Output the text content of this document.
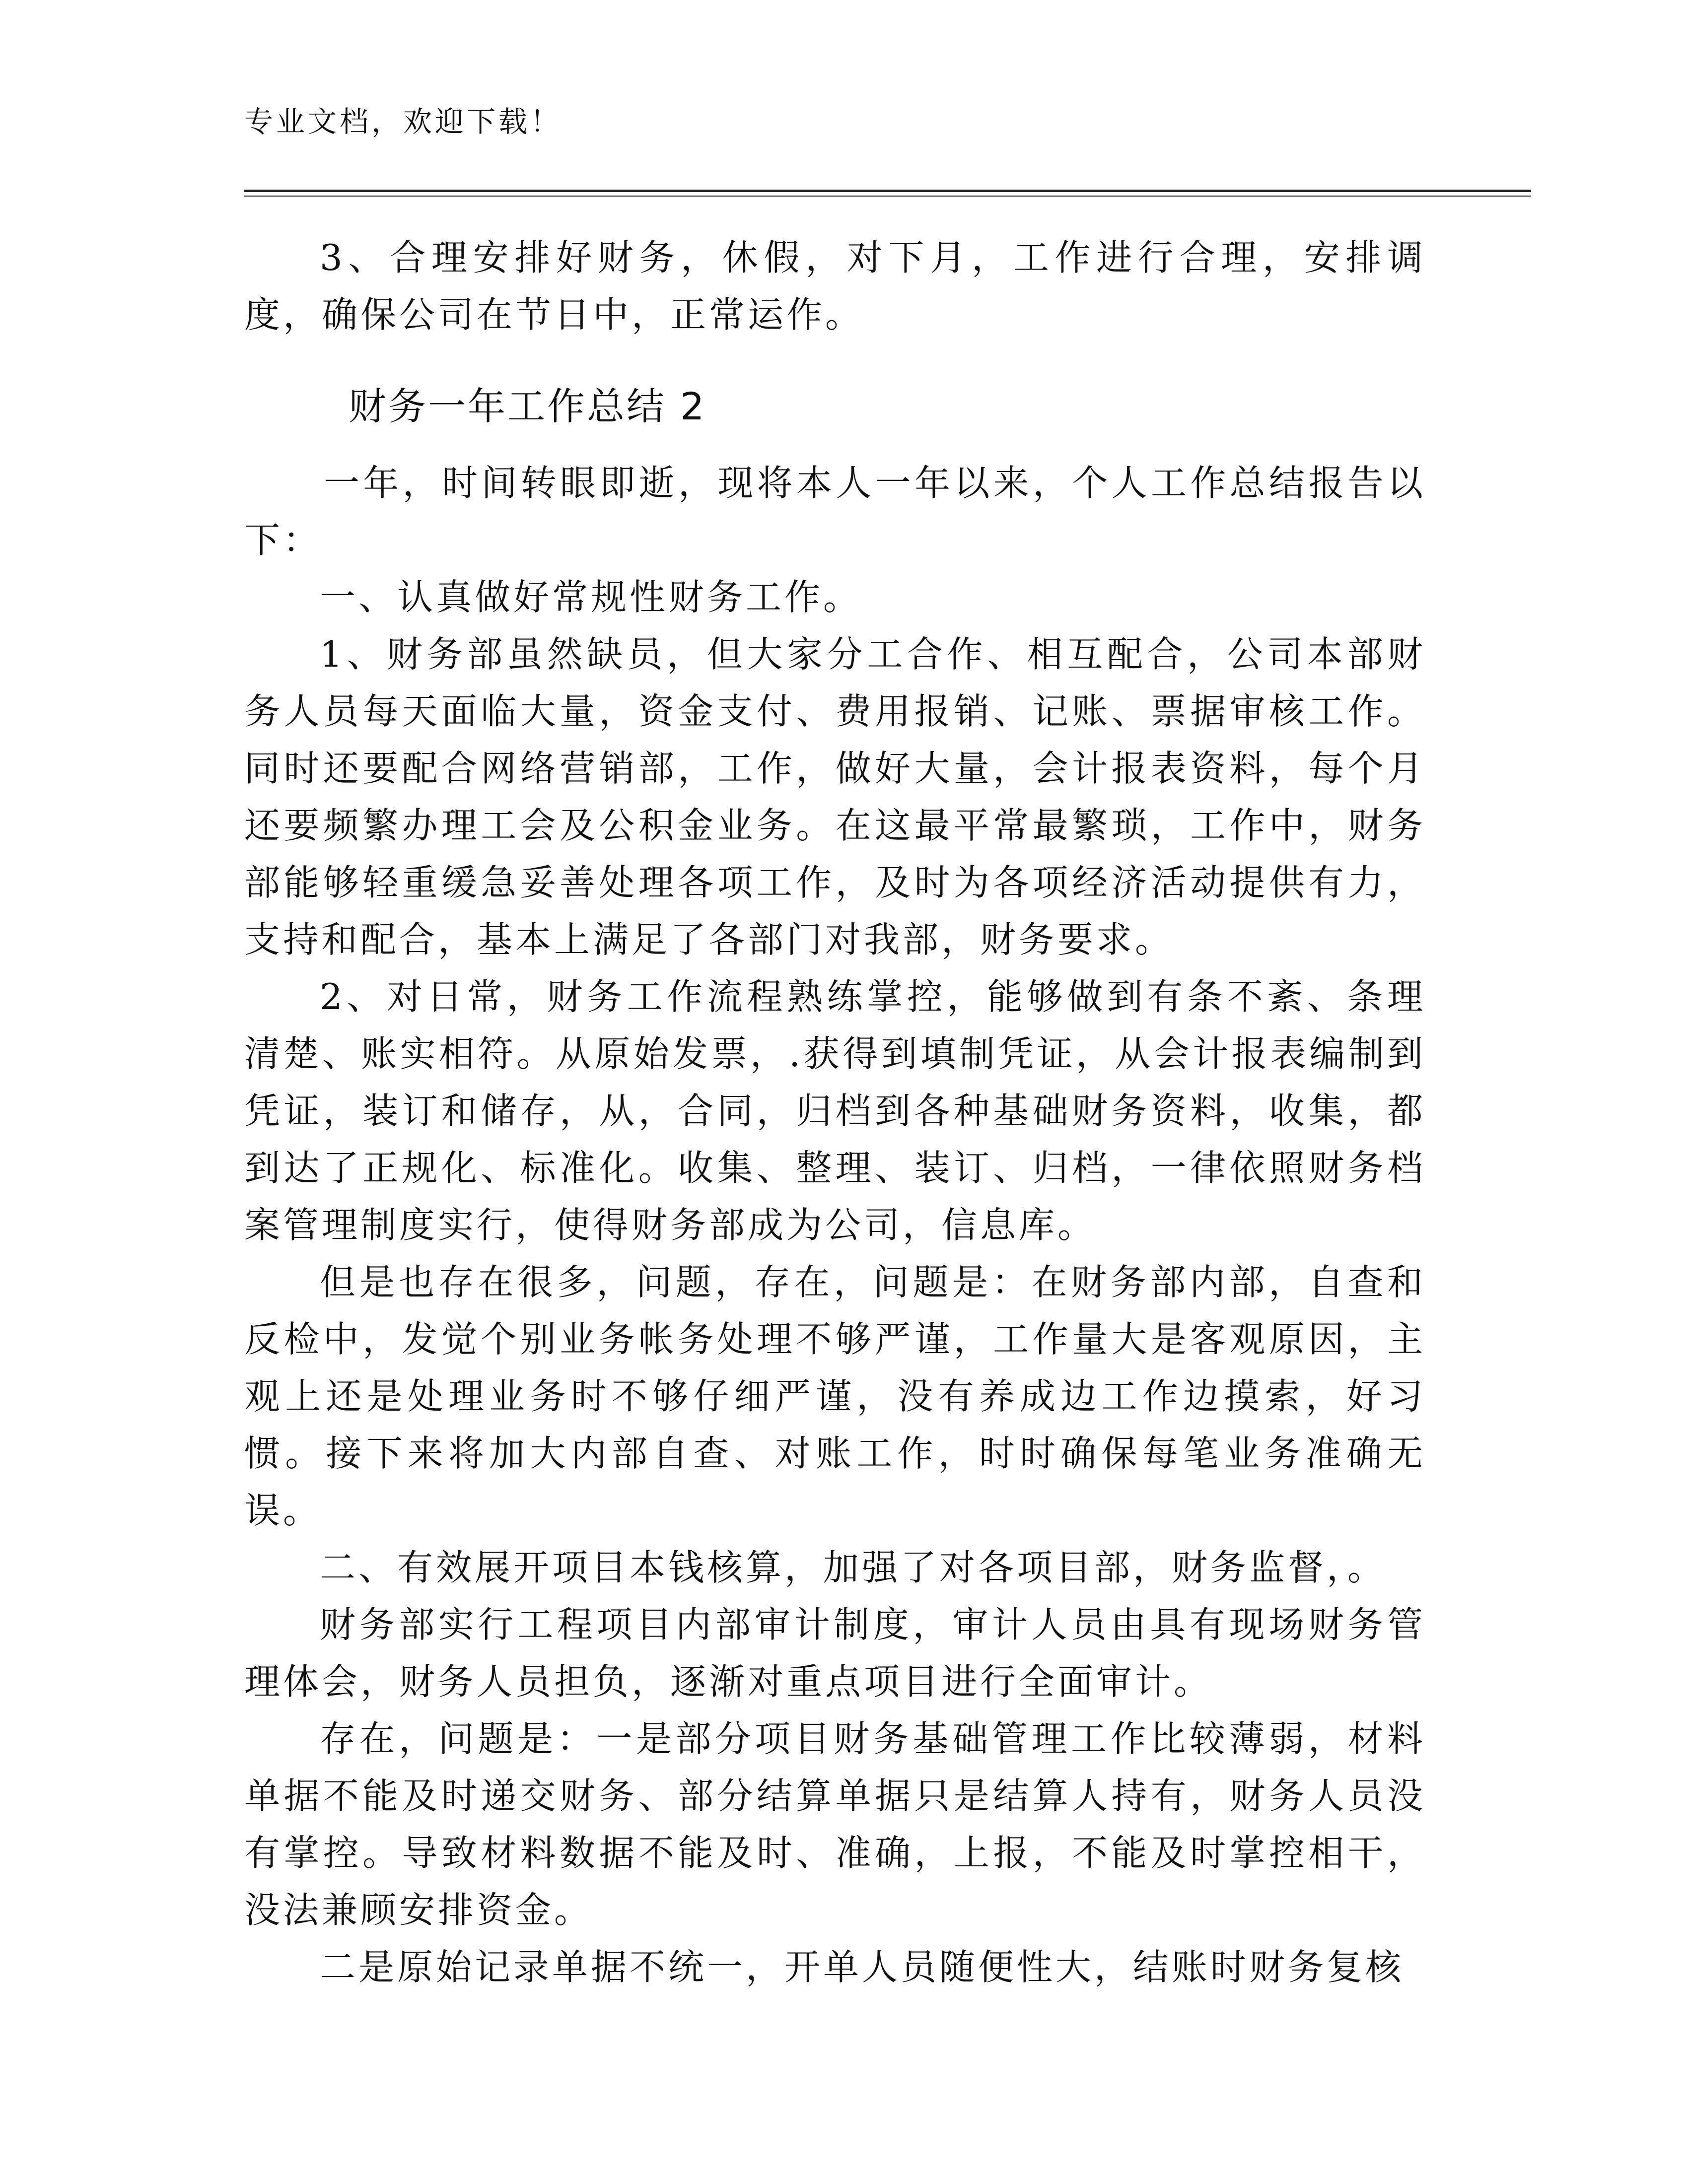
专业文档，欢迎下载！

3、合理安排好财务，休假，对下月，工作进行合理，安排调度，确保公司在节日中，正常运作。

财务一年工作总结 2

一年，时间转眼即逝，现将本人一年以来，个人工作总结报告以下：

一、认真做好常规性财务工作。

1、财务部虽然缺员，但大家分工合作、相互配合，公司本部财务人员每天面临大量，资金支付、费用报销、记账、票据审核工作。同时还要配合网络营销部，工作，做好大量，会计报表资料，每个月还要频繁办理工会及公积金业务。在这最平常最繁琐，工作中，财务部能够轻重缓急妥善处理各项工作，及时为各项经济活动提供有力，支持和配合，基本上满足了各部门对我部，财务要求。

2、对日常，财务工作流程熟练掌控，能够做到有条不紊、条理清楚、账实相符。从原始发票，.获得到填制凭证，从会计报表编制到凭证，装订和储存，从，合同，归档到各种基础财务资料，收集，都到达了正规化、标准化。收集、整理、装订、归档，一律依照财务档案管理制度实行，使得财务部成为公司，信息库。

但是也存在很多，问题，存在，问题是：在财务部内部，自查和反检中，发觉个别业务帐务处理不够严谨，工作量大是客观原因，主观上还是处理业务时不够仔细严谨，没有养成边工作边摸索，好习惯。接下来将加大内部自查、对账工作，时时确保每笔业务准确无误。

二、有效展开项目本钱核算，加强了对各项目部，财务监督，。

财务部实行工程项目内部审计制度，审计人员由具有现场财务管理体会，财务人员担负，逐渐对重点项目进行全面审计。

存在，问题是：一是部分项目财务基础管理工作比较薄弱，材料单据不能及时递交财务、部分结算单据只是结算人持有，财务人员没有掌控。导致材料数据不能及时、准确，上报，不能及时掌控相干，没法兼顾安排资金。

二是原始记录单据不统一，开单人员随便性大，结账时财务复核
